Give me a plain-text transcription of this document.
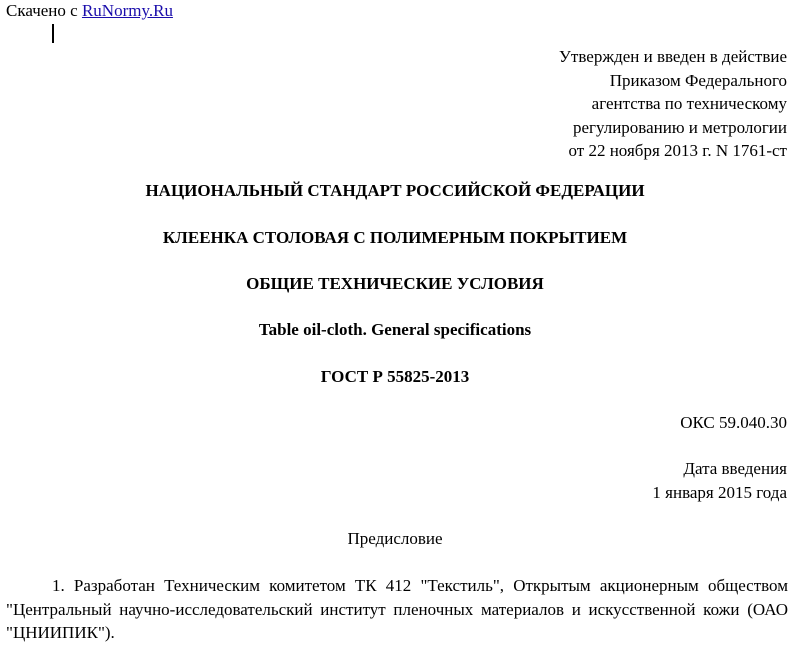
Скачено с RuNormy.Ru
Утвержден и введен в действие
Приказом Федерального
агентства по техническому
регулированию и метрологии
от 22 ноября 2013 г. N 1761-ст
НАЦИОНАЛЬНЫЙ СТАНДАРТ РОССИЙСКОЙ ФЕДЕРАЦИИ
КЛЕЕНКА СТОЛОВАЯ С ПОЛИМЕРНЫМ ПОКРЫТИЕМ
ОБЩИЕ ТЕХНИЧЕСКИЕ УСЛОВИЯ
Table oil-cloth. General specifications
ГОСТ Р 55825-2013
ОКС 59.040.30
Дата введения
1 января 2015 года
Предисловие
1. Разработан Техническим комитетом ТК 412 "Текстиль", Открытым акционерным обществом "Центральный научно-исследовательский институт пленочных материалов и искусственной кожи (ОАО "ЦНИИПИК").
